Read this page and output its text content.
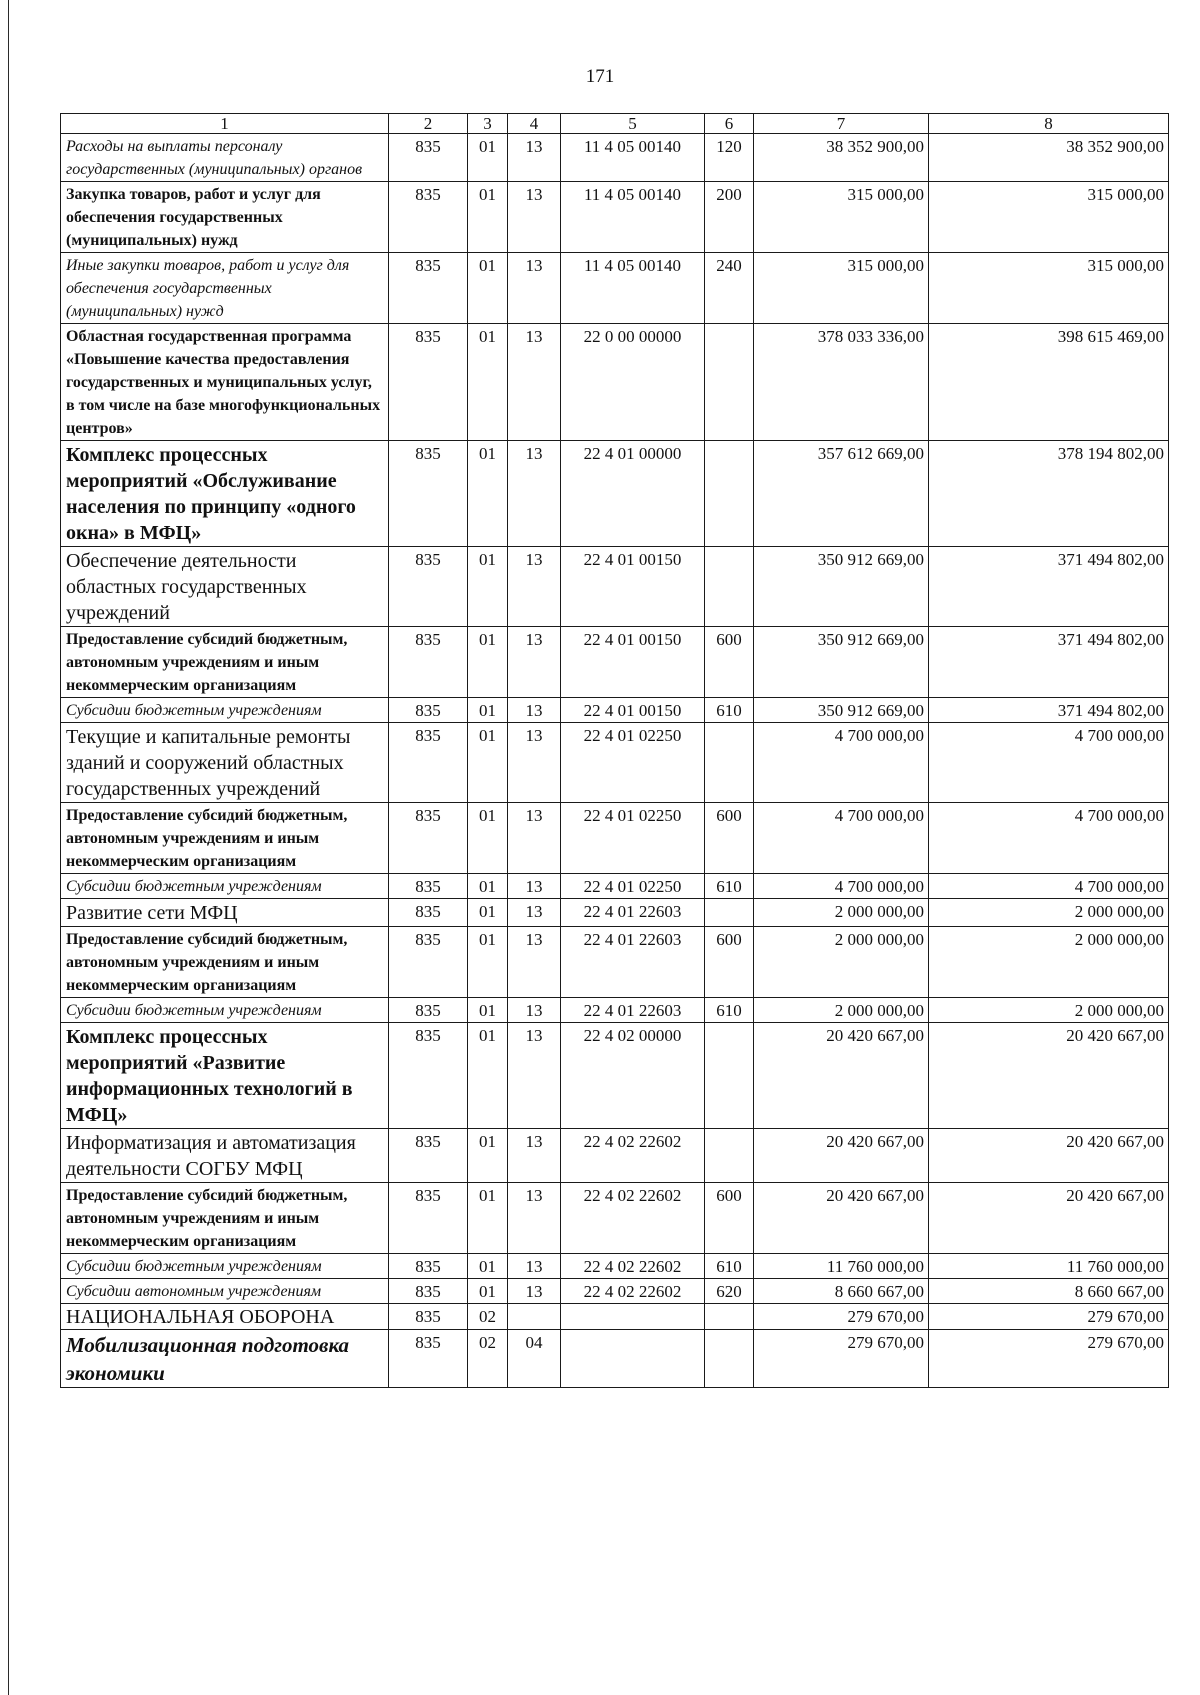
171
1	2	3	4	5	6	7	8
Расходы на выплаты персоналу государственных (муниципальных) органов	835	01	13	11 4 05 00140	120	38 352 900,00	38 352 900,00
Закупка товаров, работ и услуг для обеспечения государственных (муниципальных) нужд	835	01	13	11 4 05 00140	200	315 000,00	315 000,00
Иные закупки товаров, работ и услуг для обеспечения государственных (муниципальных) нужд	835	01	13	11 4 05 00140	240	315 000,00	315 000,00
Областная государственная программа «Повышение качества предоставления государственных и муниципальных услуг, в том числе на базе многофункциональных центров»	835	01	13	22 0 00 00000		378 033 336,00	398 615 469,00
Комплекс процессных мероприятий «Обслуживание населения по принципу «одного окна» в МФЦ»	835	01	13	22 4 01 00000		357 612 669,00	378 194 802,00
Обеспечение деятельности областных государственных учреждений	835	01	13	22 4 01 00150		350 912 669,00	371 494 802,00
Предоставление субсидий бюджетным, автономным учреждениям и иным некоммерческим организациям	835	01	13	22 4 01 00150	600	350 912 669,00	371 494 802,00
Субсидии бюджетным учреждениям	835	01	13	22 4 01 00150	610	350 912 669,00	371 494 802,00
Текущие и капитальные ремонты зданий и сооружений областных государственных учреждений	835	01	13	22 4 01 02250		4 700 000,00	4 700 000,00
Предоставление субсидий бюджетным, автономным учреждениям и иным некоммерческим организациям	835	01	13	22 4 01 02250	600	4 700 000,00	4 700 000,00
Субсидии бюджетным учреждениям	835	01	13	22 4 01 02250	610	4 700 000,00	4 700 000,00
Развитие сети МФЦ	835	01	13	22 4 01 22603		2 000 000,00	2 000 000,00
Предоставление субсидий бюджетным, автономным учреждениям и иным некоммерческим организациям	835	01	13	22 4 01 22603	600	2 000 000,00	2 000 000,00
Субсидии бюджетным учреждениям	835	01	13	22 4 01 22603	610	2 000 000,00	2 000 000,00
Комплекс процессных мероприятий «Развитие информационных технологий в МФЦ»	835	01	13	22 4 02 00000		20 420 667,00	20 420 667,00
Информатизация и автоматизация деятельности СОГБУ МФЦ	835	01	13	22 4 02 22602		20 420 667,00	20 420 667,00
Предоставление субсидий бюджетным, автономным учреждениям и иным некоммерческим организациям	835	01	13	22 4 02 22602	600	20 420 667,00	20 420 667,00
Субсидии бюджетным учреждениям	835	01	13	22 4 02 22602	610	11 760 000,00	11 760 000,00
Субсидии автономным учреждениям	835	01	13	22 4 02 22602	620	8 660 667,00	8 660 667,00
НАЦИОНАЛЬНАЯ ОБОРОНА	835	02				279 670,00	279 670,00
Мобилизационная подготовка экономики	835	02	04			279 670,00	279 670,00
